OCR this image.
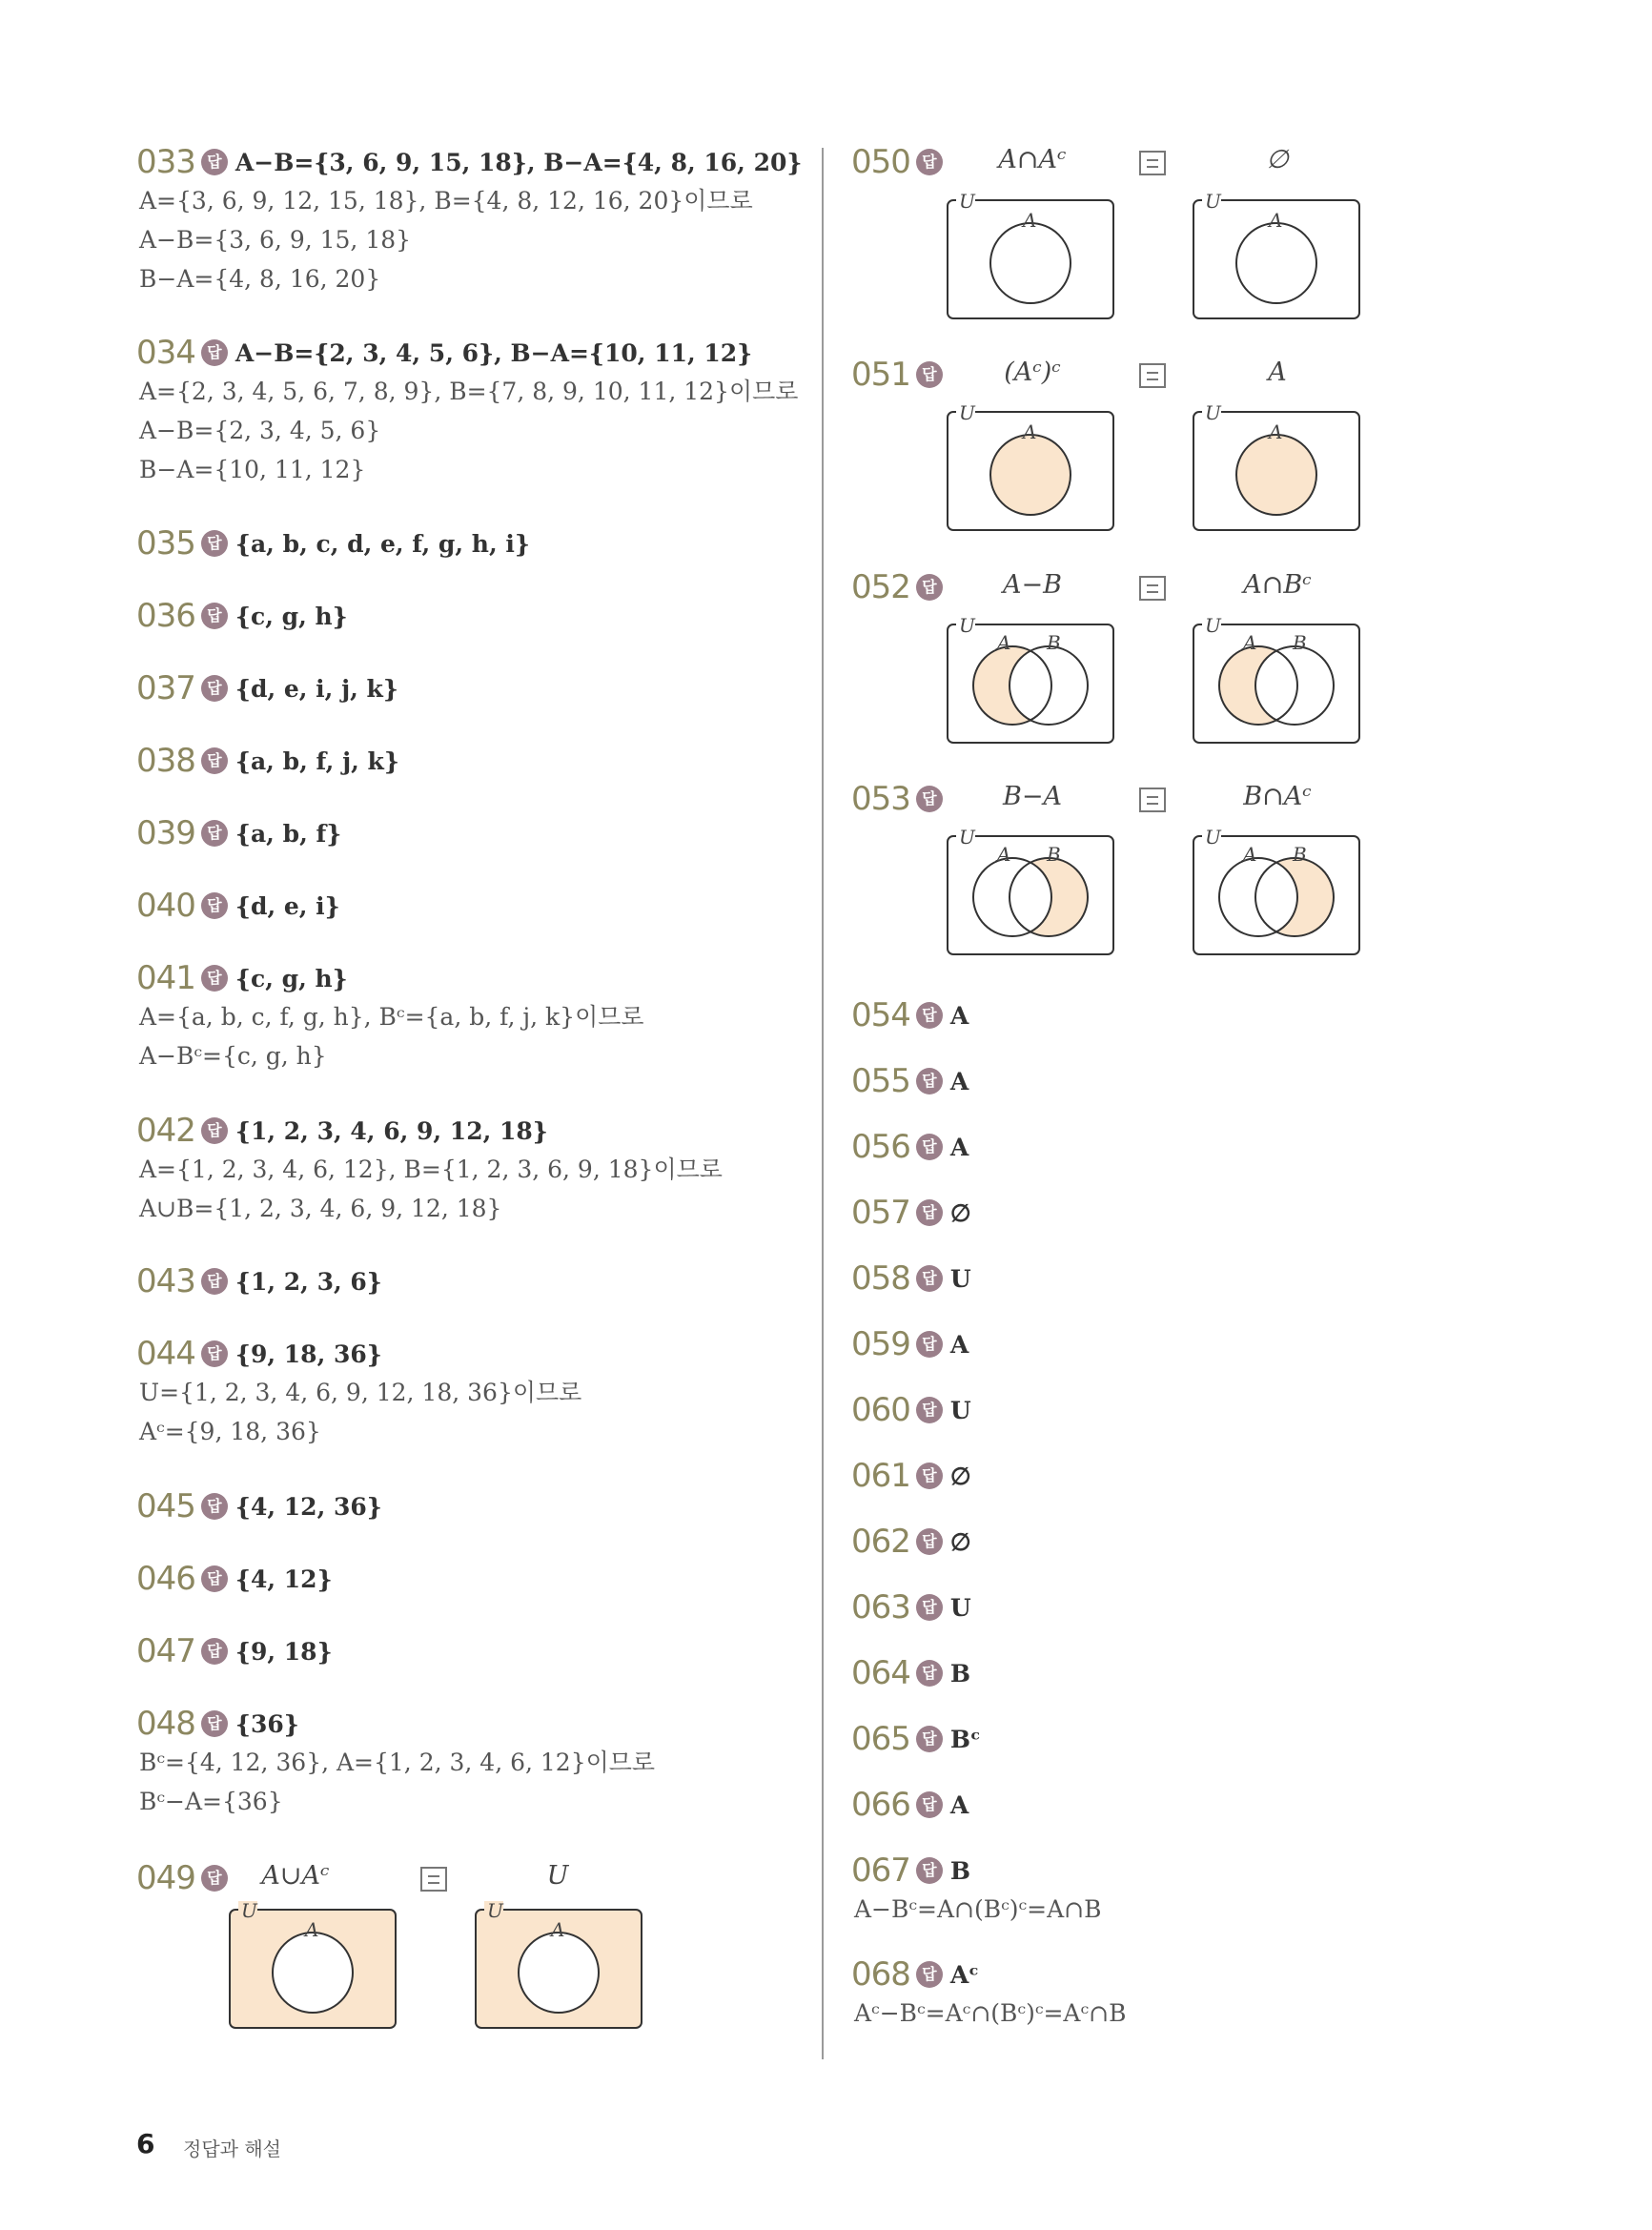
033 답 A−B={3, 6, 9, 15, 18}, B−A={4, 8, 16, 20}
A={3, 6, 9, 12, 15, 18}, B={4, 8, 12, 16, 20}이므로
A−B={3, 6, 9, 15, 18}
B−A={4, 8, 16, 20}
034 답 A−B={2, 3, 4, 5, 6}, B−A={10, 11, 12}
A={2, 3, 4, 5, 6, 7, 8, 9}, B={7, 8, 9, 10, 11, 12}이므로
A−B={2, 3, 4, 5, 6}
B−A={10, 11, 12}
035 답 {a, b, c, d, e, f, g, h, i}
036 답 {c, g, h}
037 답 {d, e, i, j, k}
038 답 {a, b, f, j, k}
039 답 {a, b, f}
040 답 {d, e, i}
041 답 {c, g, h}
A={a, b, c, f, g, h}, Bᶜ={a, b, f, j, k}이므로
A−Bᶜ={c, g, h}
042 답 {1, 2, 3, 4, 6, 9, 12, 18}
A={1, 2, 3, 4, 6, 12}, B={1, 2, 3, 6, 9, 18}이므로
A∪B={1, 2, 3, 4, 6, 9, 12, 18}
043 답 {1, 2, 3, 6}
044 답 {9, 18, 36}
U={1, 2, 3, 4, 6, 9, 12, 18, 36}이므로
Aᶜ={9, 18, 36}
045 답 {4, 12, 36}
046 답 {4, 12}
047 답 {9, 18}
048 답 {36}
Bᶜ={4, 12, 36}, A={1, 2, 3, 4, 6, 12}이므로
Bᶜ−A={36}
054 답 A
055 답 A
056 답 A
057 답 ∅
058 답 U
059 답 A
060 답 U
061 답 ∅
062 답 ∅
063 답 U
064 답 B
065 답 Bᶜ
066 답 A
067 답 B
A−Bᶜ=A∩(Bᶜ)ᶜ=A∩B
068 답 Aᶜ
Aᶜ−Bᶜ=Aᶜ∩(Bᶜ)ᶜ=Aᶜ∩B
049 답	A∪Aᶜ	U
U
A
U
A
050 답	A∩Aᶜ	∅
U
A
U
A
051 답	(Aᶜ)ᶜ	A
U
A
U
A
052 답	A−B	A∩Bᶜ
U
A B
U
A B
053 답	B−A	B∩Aᶜ
U
A B
U
A B
6 정답과 해설
